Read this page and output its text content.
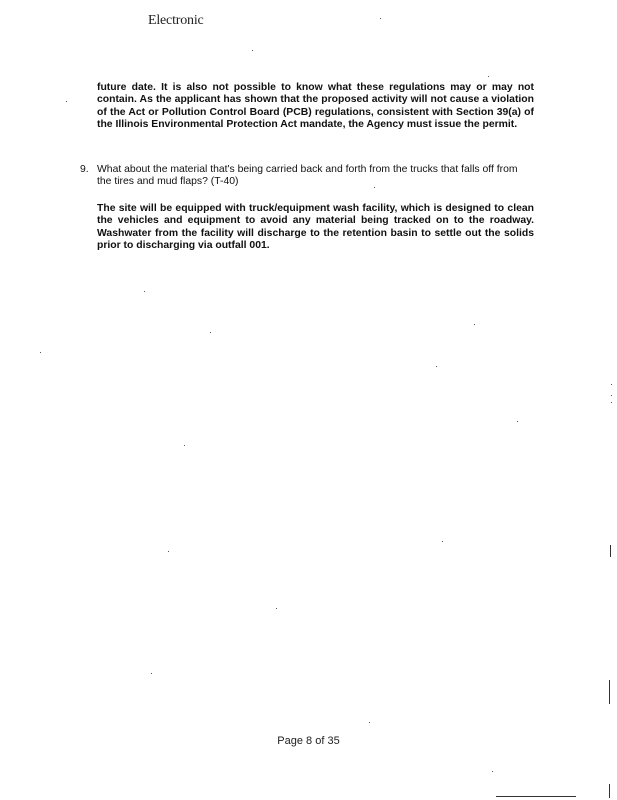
Electronic
future date. It is also not possible to know what these regulations may or may not contain. As the applicant has shown that the proposed activity will not cause a violation of the Act or Pollution Control Board (PCB) regulations, consistent with Section 39(a) of the Illinois Environmental Protection Act mandate, the Agency must issue the permit.
9. What about the material that's being carried back and forth from the trucks that falls off from the tires and mud flaps? (T-40)
The site will be equipped with truck/equipment wash facility, which is designed to clean the vehicles and equipment to avoid any material being tracked on to the roadway. Washwater from the facility will discharge to the retention basin to settle out the solids prior to discharging via outfall 001.
Page 8 of 35
